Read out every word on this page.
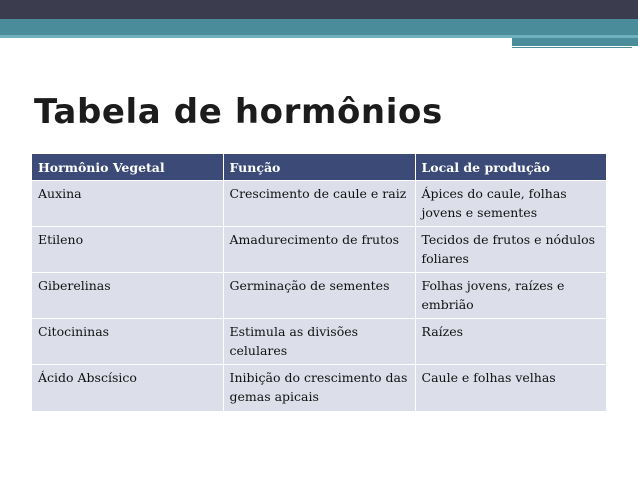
Tabela de hormônios
Hormônio Vegetal	Função	Local de produção
Auxina	Crescimento de caule e raiz	Ápices do caule, folhas jovens e sementes
Etileno	Amadurecimento de frutos	Tecidos de frutos e nódulos foliares
Giberelinas	Germinação de sementes	Folhas jovens, raízes e embrião
Citocininas	Estimula as divisões celulares	Raízes
Ácido Abscísico	Inibição do crescimento das gemas apicais	Caule e folhas velhas
